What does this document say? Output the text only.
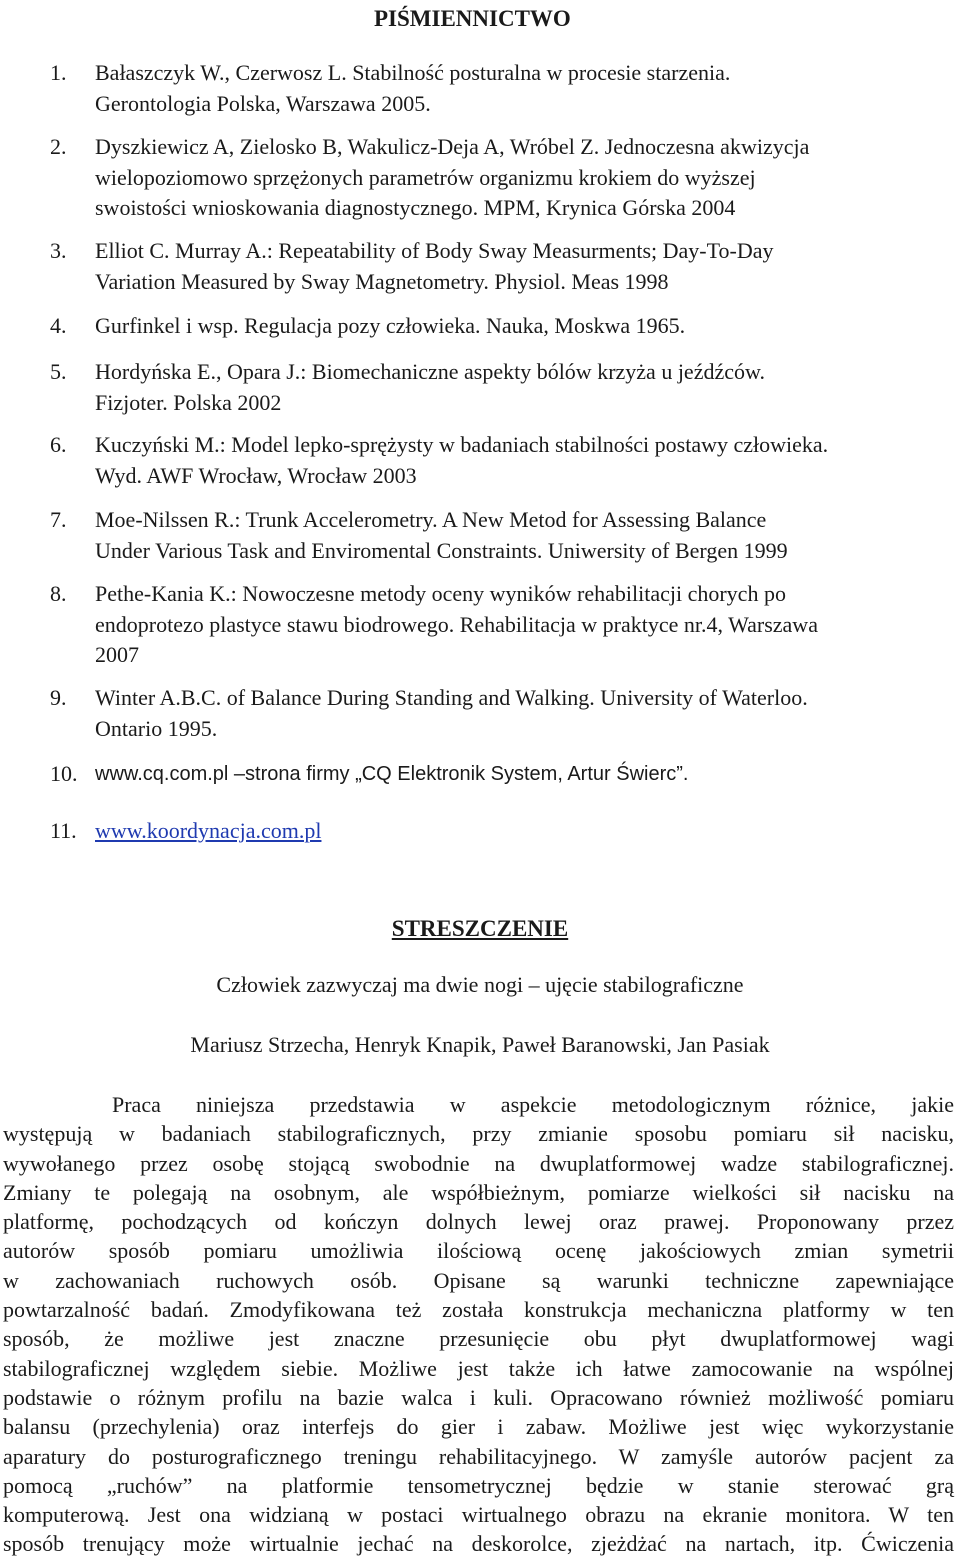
PIŚMIENNICTWO
1. Bałaszczyk W., Czerwosz L. Stabilność posturalna w procesie starzenia.
Gerontologia Polska, Warszawa 2005.
2. Dyszkiewicz A, Zielosko B, Wakulicz-Deja A, Wróbel Z. Jednoczesna akwizycja
wielopoziomowo sprzężonych parametrów organizmu krokiem do wyższej
swoistości wnioskowania diagnostycznego. MPM, Krynica Górska 2004
3. Elliot C. Murray A.: Repeatability of Body Sway Measurments; Day-To-Day
Variation Measured by Sway Magnetometry. Physiol. Meas 1998
4. Gurfinkel i wsp. Regulacja pozy człowieka. Nauka, Moskwa 1965.
5. Hordyńska E., Opara J.: Biomechaniczne aspekty bólów krzyża u jeźdźców.
Fizjoter. Polska 2002
6. Kuczyński M.: Model lepko-sprężysty w badaniach stabilności postawy człowieka.
Wyd. AWF Wrocław, Wrocław 2003
7. Moe-Nilssen R.: Trunk Accelerometry. A New Metod for Assessing Balance
Under Various Task and Enviromental Constraints. Uniwersity of Bergen 1999
8. Pethe-Kania K.: Nowoczesne metody oceny wyników rehabilitacji chorych po
endoprotezo plastyce stawu biodrowego. Rehabilitacja w praktyce nr.4, Warszawa
2007
9. Winter A.B.C. of Balance During Standing and Walking. University of Waterloo.
Ontario 1995.
10. www.cq.com.pl –strona firmy „CQ Elektronik System, Artur Świerc”.
11. www.koordynacja.com.pl
STRESZCZENIE
Człowiek zazwyczaj ma dwie nogi – ujęcie stabilograficzne
Mariusz Strzecha, Henryk Knapik, Paweł Baranowski, Jan Pasiak
Praca niniejsza przedstawia w aspekcie metodologicznym różnice, jakie
występują w badaniach stabilograficznych, przy zmianie sposobu pomiaru sił nacisku,
wywołanego przez osobę stojącą swobodnie na dwuplatformowej wadze stabilograficznej.
Zmiany te polegają na osobnym, ale współbieżnym, pomiarze wielkości sił nacisku na
platformę, pochodzących od kończyn dolnych lewej oraz prawej. Proponowany przez
autorów sposób pomiaru umożliwia ilościową ocenę jakościowych zmian symetrii
w zachowaniach ruchowych osób. Opisane są warunki techniczne zapewniające
powtarzalność badań. Zmodyfikowana też została konstrukcja mechaniczna platformy w ten
sposób, że możliwe jest znaczne przesunięcie obu płyt dwuplatformowej wagi
stabilograficznej względem siebie. Możliwe jest także ich łatwe zamocowanie na wspólnej
podstawie o różnym profilu na bazie walca i kuli. Opracowano również możliwość pomiaru
balansu (przechylenia) oraz interfejs do gier i zabaw. Możliwe jest więc wykorzystanie
aparatury do posturograficznego treningu rehabilitacyjnego. W zamyśle autorów pacjent za
pomocą „ruchów” na platformie tensometrycznej będzie w stanie sterować grą
komputerową. Jest ona widzianą w postaci wirtualnego obrazu na ekranie monitora. W ten
sposób trenujący może wirtualnie jechać na deskorolce, zjeżdżać na nartach, itp. Ćwiczenia
